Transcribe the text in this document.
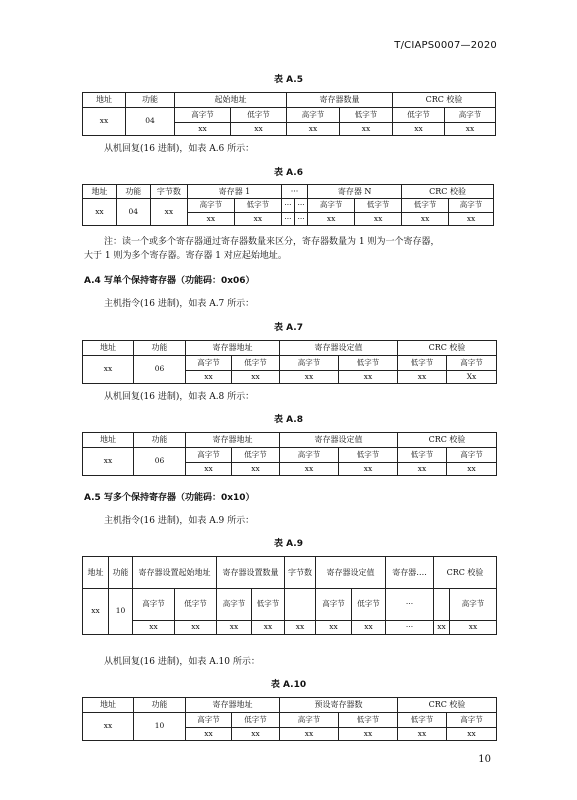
T/CIAPS0007—2020
表 A.5
地址	功能	起始地址		寄存器数量		CRC 校验	
xx	04	高字节	低字节	高字节	低字节	低字节	高字节
		xx	xx	xx	xx	xx	xx
从机回复(16 进制)，如表 A.6 所示：
表 A.6
地址	功能	字节数	寄存器 1		···		寄存器 N		CRC 校验	
xx	04	xx	高字节	低字节	···	···	高字节	低字节	低字节	高字节
			xx	xx	···	···	xx	xx	xx	xx
注：读一个或多个寄存器通过寄存器数量来区分，寄存器数量为 1 则为一个寄存器，
大于 1 则为多个寄存器。寄存器 1 对应起始地址。
A.4 写单个保持寄存器（功能码：0x06）
主机指令(16 进制)，如表 A.7 所示：
表 A.7
地址	功能	寄存器地址		寄存器设定值		CRC 校验	
xx	06	高字节	低字节	高字节	低字节	低字节	高字节
		xx	xx	xx	xx	xx	Xx
从机回复(16 进制)，如表 A.8 所示：
表 A.8
地址	功能	寄存器地址		寄存器设定值		CRC 校验	
xx	06	高字节	低字节	高字节	低字节	低字节	高字节
		xx	xx	xx	xx	xx	xx
A.5 写多个保持寄存器（功能码：0x10）
主机指令(16 进制)，如表 A.9 所示：
表 A.9
地址	功能	寄存器设置起始地址		寄存器设置数量		字节数	寄存器设定值		寄存器….	CRC 校验	
xx	10	高字节	低字节	高字节	低字节		高字节	低字节	···		高字节
		xx	xx	xx	xx	xx	xx	xx	···	xx	xx
从机回复(16 进制)，如表 A.10 所示：
表 A.10
地址	功能	寄存器地址		预设寄存器数		CRC 校验	
xx	10	高字节	低字节	高字节	低字节	低字节	高字节
		xx	xx	xx	xx	xx	xx
10
